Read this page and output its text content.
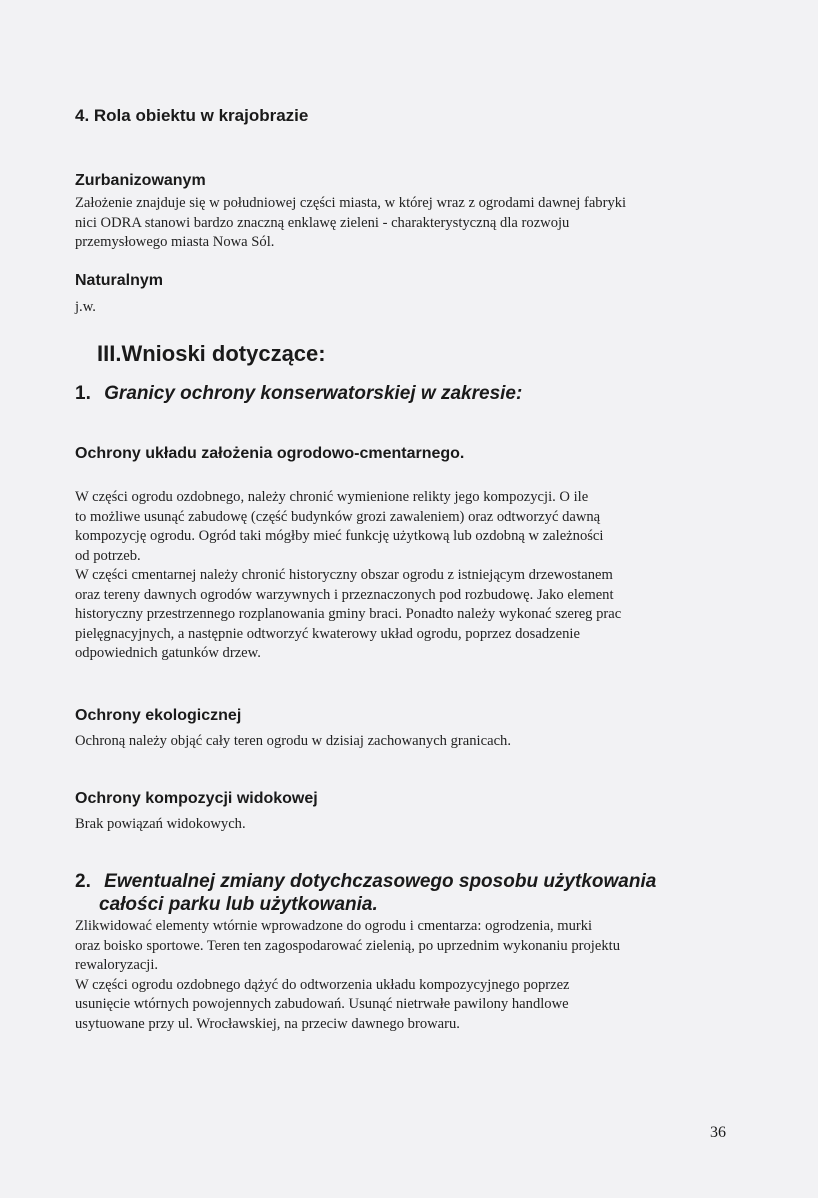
4. Rola obiektu w krajobrazie
Zurbanizowanym
Założenie znajduje się w południowej części miasta, w której wraz z ogrodami dawnej fabryki
nici ODRA stanowi bardzo znaczną enklawę zieleni - charakterystyczną dla rozwoju
przemysłowego miasta Nowa Sól.
Naturalnym

j.w.

III.Wnioski dotyczące:
1. Granicy ochrony konserwatorskiej w zakresie:
Ochrony układu założenia ogrodowo-cmentarnego.
W części ogrodu ozdobnego, należy chronić wymienione relikty jego kompozycji. O ile
to możliwe usunąć zabudowę (część budynków grozi zawaleniem) oraz odtworzyć dawną
kompozycję ogrodu. Ogród taki mógłby mieć funkcję użytkową lub ozdobną w zależności
od potrzeb.
W części cmentarnej należy chronić historyczny obszar ogrodu z istniejącym drzewostanem
oraz tereny dawnych ogrodów warzywnych i przeznaczonych pod rozbudowę. Jako element
historyczny przestrzennego rozplanowania gminy braci. Ponadto należy wykonać szereg prac
pielęgnacyjnych, a następnie odtworzyć kwaterowy układ ogrodu, poprzez dosadzenie
odpowiednich gatunków drzew.
Ochrony ekologicznej

Ochroną należy objąć cały teren ogrodu w dzisiaj zachowanych granicach.

Ochrony kompozycji widokowej

Brak powiązań widokowych.

2. Ewentualnej zmiany dotychczasowego sposobu użytkowania
całości parku lub użytkowania.
Zlikwidować elementy wtórnie wprowadzone do ogrodu i cmentarza: ogrodzenia, murki
oraz boisko sportowe. Teren ten zagospodarować zielenią, po uprzednim wykonaniu projektu
rewaloryzacji.
W części ogrodu ozdobnego dążyć do odtworzenia układu kompozycyjnego poprzez
usunięcie wtórnych powojennych zabudowań. Usunąć nietrwałe pawilony handlowe
usytuowane przy ul. Wrocławskiej, na przeciw dawnego browaru.

36
